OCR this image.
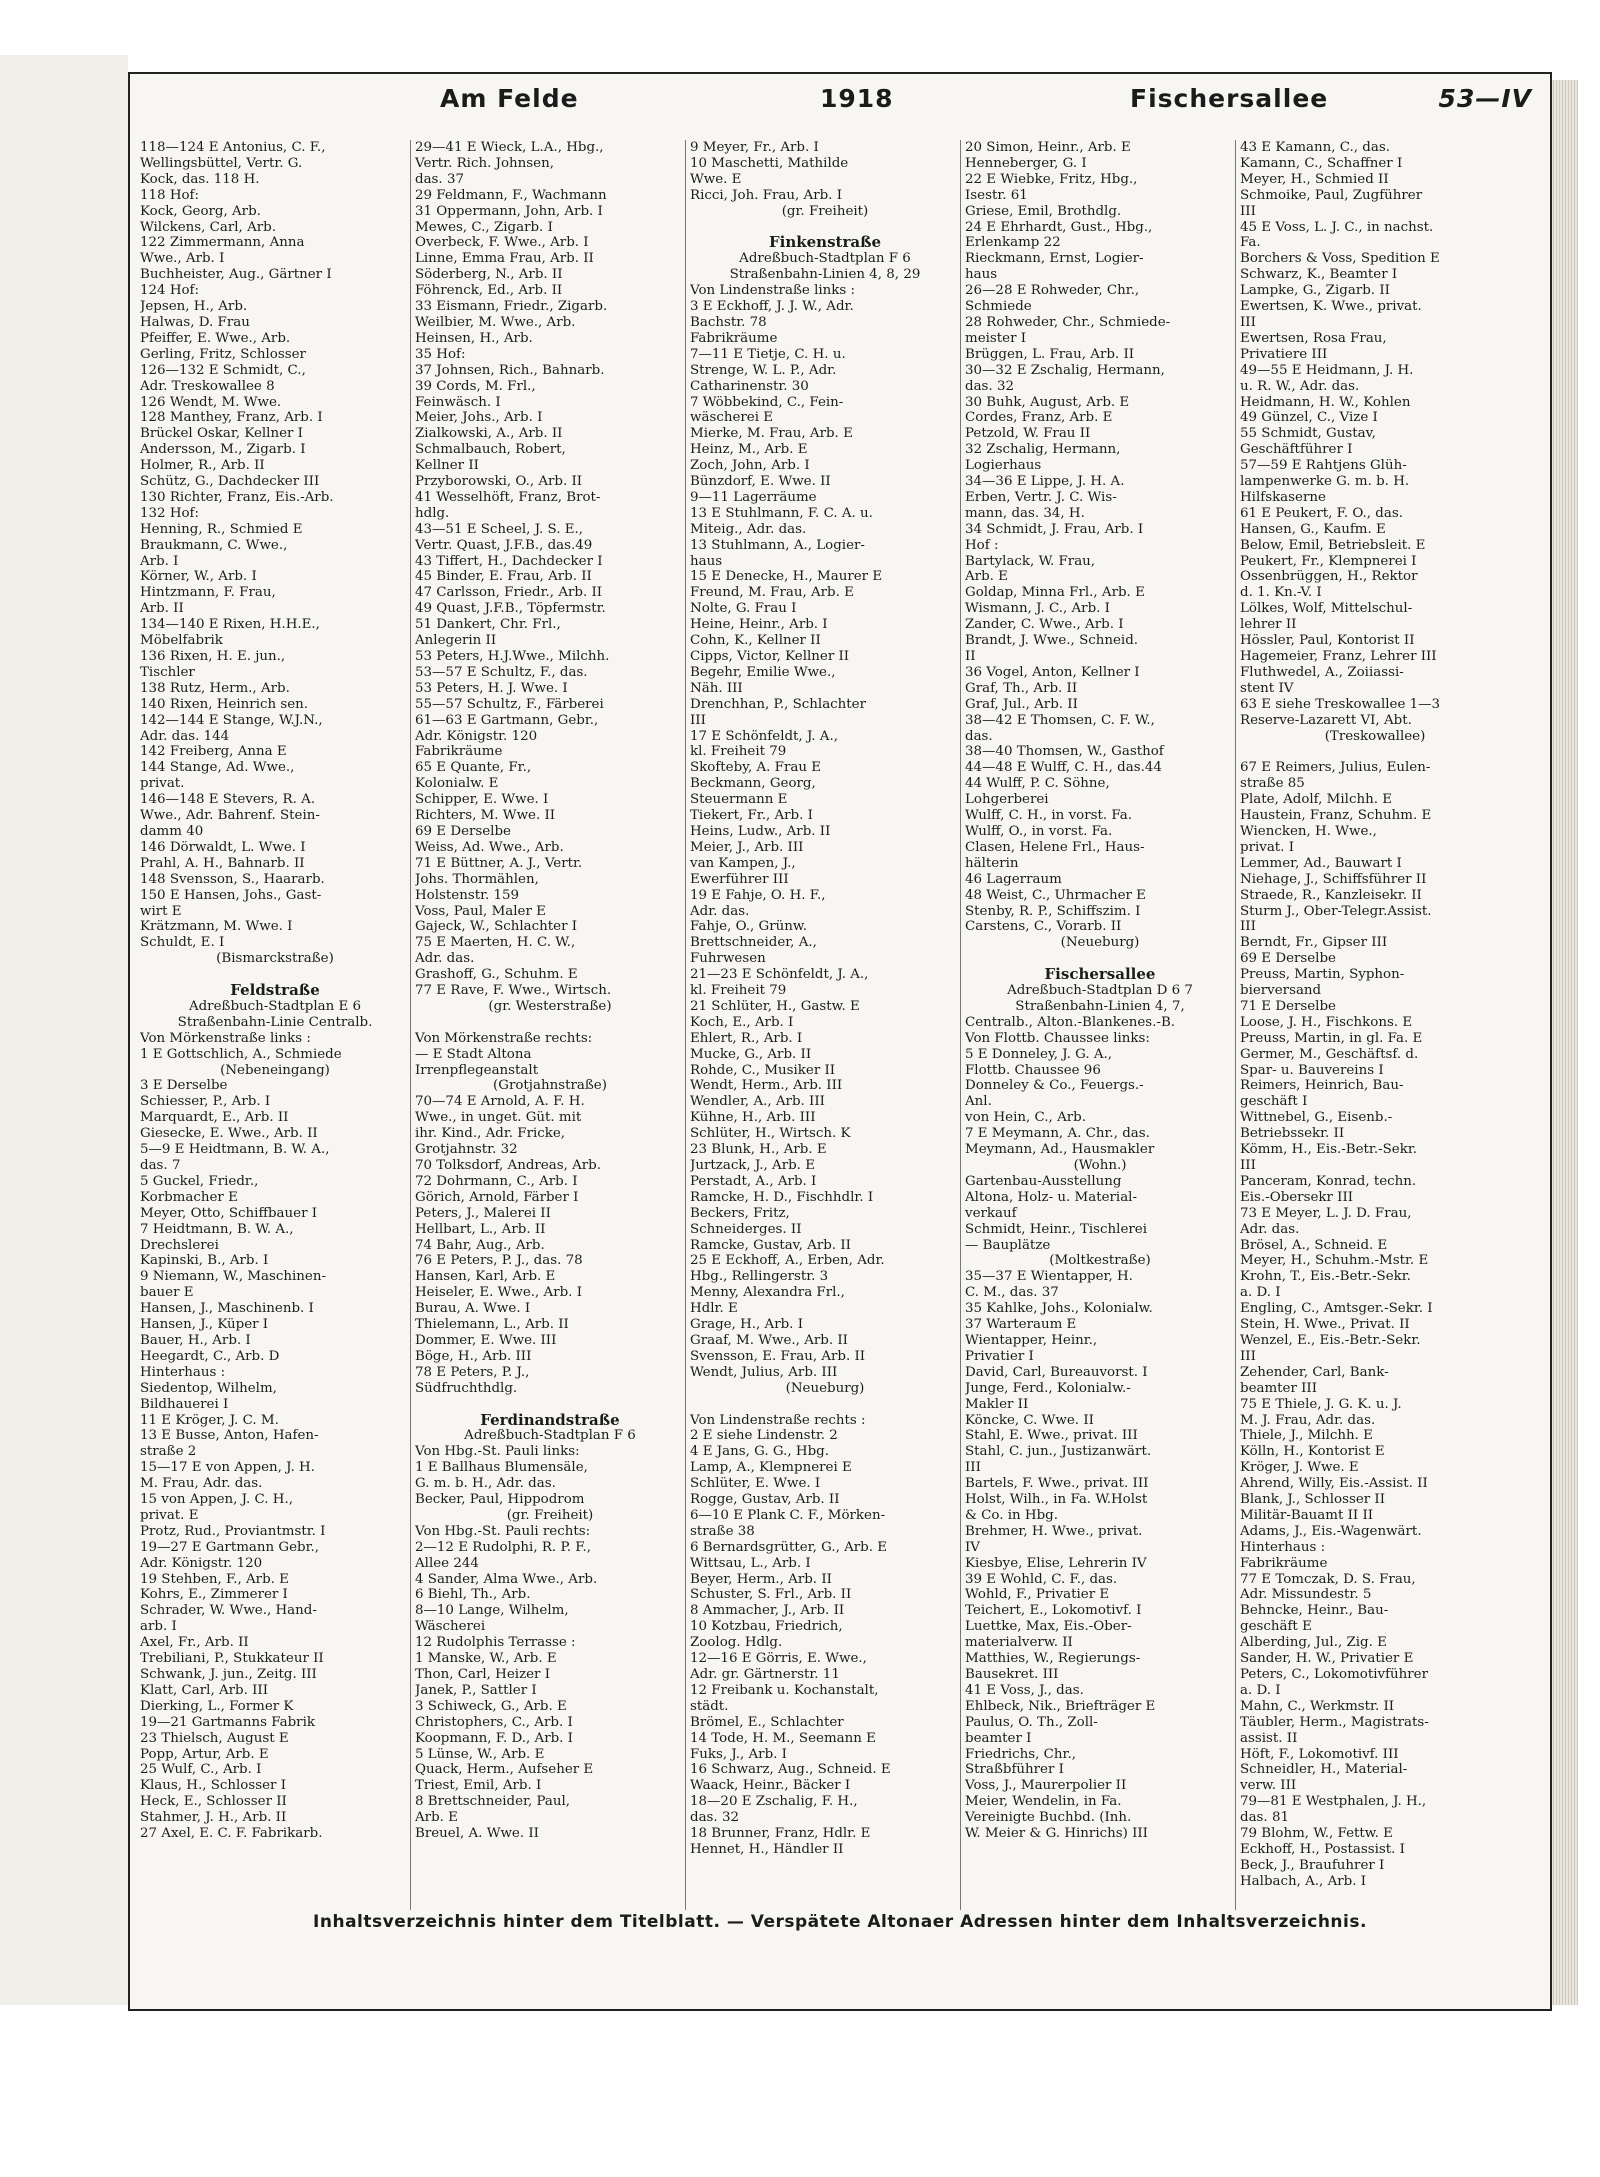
Am Felde	1918	Fischersallee	53—IV
118—124 E Antonius, C. F.,
Wellingsbüttel, Vertr. G.
Kock, das. 118 H.
118 Hof:
Kock, Georg, Arb.
Wilckens, Carl, Arb.
122 Zimmermann, Anna
Wwe., Arb. I
Buchheister, Aug., Gärtner I
124 Hof:
Jepsen, H., Arb.
Halwas, D. Frau
Pfeiffer, E. Wwe., Arb.
Gerling, Fritz, Schlosser
126—132 E Schmidt, C.,
Adr. Treskowallee 8
126 Wendt, M. Wwe.
128 Manthey, Franz, Arb. I
Brückel Oskar, Kellner I
Andersson, M., Zigarb. I
Holmer, R., Arb. II
Schütz, G., Dachdecker III
130 Richter, Franz, Eis.-Arb.
132 Hof:
Henning, R., Schmied E
Braukmann, C. Wwe.,
Arb. I
Körner, W., Arb. I
Hintzmann, F. Frau,
Arb. II
134—140 E Rixen, H.H.E.,
Möbelfabrik
136 Rixen, H. E. jun.,
Tischler
138 Rutz, Herm., Arb.
140 Rixen, Heinrich sen.
142—144 E Stange, W.J.N.,
Adr. das. 144
142 Freiberg, Anna E
144 Stange, Ad. Wwe.,
privat.
146—148 E Stevers, R. A.
Wwe., Adr. Bahrenf. Stein-
damm 40
146 Dörwaldt, L. Wwe. I
Prahl, A. H., Bahnarb. II
148 Svensson, S., Haararb.
150 E Hansen, Johs., Gast-
wirt E
Krätzmann, M. Wwe. I
Schuldt, E. I
(Bismarckstraße)

Feldstraße
Adreßbuch-Stadtplan E 6
Straßenbahn-Linie Centralb.
Von Mörkenstraße links :
1 E Gottschlich, A., Schmiede
(Nebeneingang)
3 E Derselbe
Schiesser, P., Arb. I
Marquardt, E., Arb. II
Giesecke, E. Wwe., Arb. II
5—9 E Heidtmann, B. W. A.,
das. 7
5 Guckel, Friedr.,
Korbmacher E
Meyer, Otto, Schiffbauer I
7 Heidtmann, B. W. A.,
Drechslerei
Kapinski, B., Arb. I
9 Niemann, W., Maschinen-
bauer E
Hansen, J., Maschinenb. I
Hansen, J., Küper I
Bauer, H., Arb. I
Heegardt, C., Arb. D
Hinterhaus :
Siedentop, Wilhelm,
Bildhauerei I
11 E Kröger, J. C. M.
13 E Busse, Anton, Hafen-
straße 2
15—17 E von Appen, J. H.
M. Frau, Adr. das.
15 von Appen, J. C. H.,
privat. E
Protz, Rud., Proviantmstr. I
19—27 E Gartmann Gebr.,
Adr. Königstr. 120
19 Stehben, F., Arb. E
Kohrs, E., Zimmerer I
Schrader, W. Wwe., Hand-
arb. I
Axel, Fr., Arb. II
Trebiliani, P., Stukkateur II
Schwank, J. jun., Zeitg. III
Klatt, Carl, Arb. III
Dierking, L., Former K
19—21 Gartmanns Fabrik
23 Thielsch, August E
Popp, Artur, Arb. E
25 Wulf, C., Arb. I
Klaus, H., Schlosser I
Heck, E., Schlosser II
Stahmer, J. H., Arb. II
27 Axel, E. C. F. Fabrikarb.
29—41 E Wieck, L.A., Hbg.,
Vertr. Rich. Johnsen,
das. 37
29 Feldmann, F., Wachmann
31 Oppermann, John, Arb. I
Mewes, C., Zigarb. I
Overbeck, F. Wwe., Arb. I
Linne, Emma Frau, Arb. II
Söderberg, N., Arb. II
Föhrenck, Ed., Arb. II
33 Eismann, Friedr., Zigarb.
Weilbier, M. Wwe., Arb.
Heinsen, H., Arb.
35 Hof:
37 Johnsen, Rich., Bahnarb.
39 Cords, M. Frl.,
Feinwäsch. I
Meier, Johs., Arb. I
Zialkowski, A., Arb. II
Schmalbauch, Robert,
Kellner II
Przyborowski, O., Arb. II
41 Wesselhöft, Franz, Brot-
hdlg.
43—51 E Scheel, J. S. E.,
Vertr. Quast, J.F.B., das.49
43 Tiffert, H., Dachdecker I
45 Binder, E. Frau, Arb. II
47 Carlsson, Friedr., Arb. II
49 Quast, J.F.B., Töpfermstr.
51 Dankert, Chr. Frl.,
Anlegerin II
53 Peters, H.J.Wwe., Milchh.
53—57 E Schultz, F., das.
53 Peters, H. J. Wwe. I
55—57 Schultz, F., Färberei
61—63 E Gartmann, Gebr.,
Adr. Königstr. 120
Fabrikräume
65 E Quante, Fr.,
Kolonialw. E
Schipper, E. Wwe. I
Richters, M. Wwe. II
69 E Derselbe
Weiss, Ad. Wwe., Arb.
71 E Büttner, A. J., Vertr.
Johs. Thormählen,
Holstenstr. 159
Voss, Paul, Maler E
Gajeck, W., Schlachter I
75 E Maerten, H. C. W.,
Adr. das.
Grashoff, G., Schuhm. E
77 E Rave, F. Wwe., Wirtsch.
(gr. Westerstraße)

Von Mörkenstraße rechts:
— E Stadt Altona
Irrenpflegeanstalt
(Grotjahnstraße)
70—74 E Arnold, A. F. H.
Wwe., in unget. Güt. mit
ihr. Kind., Adr. Fricke,
Grotjahnstr. 32
70 Tolksdorf, Andreas, Arb.
72 Dohrmann, C., Arb. I
Görich, Arnold, Färber I
Peters, J., Malerei II
Hellbart, L., Arb. II
74 Bahr, Aug., Arb.
76 E Peters, P. J., das. 78
Hansen, Karl, Arb. E
Heiseler, E. Wwe., Arb. I
Burau, A. Wwe. I
Thielemann, L., Arb. II
Dommer, E. Wwe. III
Böge, H., Arb. III
78 E Peters, P. J.,
Südfruchthdlg.

Ferdinandstraße
Adreßbuch-Stadtplan F 6
Von Hbg.-St. Pauli links:
1 E Ballhaus Blumensäle,
G. m. b. H., Adr. das.
Becker, Paul, Hippodrom
(gr. Freiheit)
Von Hbg.-St. Pauli rechts:
2—12 E Rudolphi, R. P. F.,
Allee 244
4 Sander, Alma Wwe., Arb.
6 Biehl, Th., Arb.
8—10 Lange, Wilhelm,
Wäscherei
12 Rudolphis Terrasse :
1 Manske, W., Arb. E
Thon, Carl, Heizer I
Janek, P., Sattler I
3 Schiweck, G., Arb. E
Christophers, C., Arb. I
Koopmann, F. D., Arb. I
5 Lünse, W., Arb. E
Quack, Herm., Aufseher E
Triest, Emil, Arb. I
8 Brettschneider, Paul,
Arb. E
Breuel, A. Wwe. II
9 Meyer, Fr., Arb. I
10 Maschetti, Mathilde
Wwe. E
Ricci, Joh. Frau, Arb. I
(gr. Freiheit)

Finkenstraße
Adreßbuch-Stadtplan F 6
Straßenbahn-Linien 4, 8, 29
Von Lindenstraße links :
3 E Eckhoff, J. J. W., Adr.
Bachstr. 78
Fabrikräume
7—11 E Tietje, C. H. u.
Strenge, W. L. P., Adr.
Catharinenstr. 30
7 Wöbbekind, C., Fein-
wäscherei E
Mierke, M. Frau, Arb. E
Heinz, M., Arb. E
Zoch, John, Arb. I
Bünzdorf, E. Wwe. II
9—11 Lagerräume
13 E Stuhlmann, F. C. A. u.
Miteig., Adr. das.
13 Stuhlmann, A., Logier-
haus
15 E Denecke, H., Maurer E
Freund, M. Frau, Arb. E
Nolte, G. Frau I
Heine, Heinr., Arb. I
Cohn, K., Kellner II
Cipps, Victor, Kellner II
Begehr, Emilie Wwe.,
Näh. III
Drenchhan, P., Schlachter
III
17 E Schönfeldt, J. A.,
kl. Freiheit 79
Skofteby, A. Frau E
Beckmann, Georg,
Steuermann E
Tiekert, Fr., Arb. I
Heins, Ludw., Arb. II
Meier, J., Arb. III
van Kampen, J.,
Ewerführer III
19 E Fahje, O. H. F.,
Adr. das.
Fahje, O., Grünw.
Brettschneider, A.,
Fuhrwesen
21—23 E Schönfeldt, J. A.,
kl. Freiheit 79
21 Schlüter, H., Gastw. E
Koch, E., Arb. I
Ehlert, R., Arb. I
Mucke, G., Arb. II
Rohde, C., Musiker II
Wendt, Herm., Arb. III
Wendler, A., Arb. III
Kühne, H., Arb. III
Schlüter, H., Wirtsch. K
23 Blunk, H., Arb. E
Jurtzack, J., Arb. E
Perstadt, A., Arb. I
Ramcke, H. D., Fischhdlr. I
Beckers, Fritz,
Schneiderges. II
Ramcke, Gustav, Arb. II
25 E Eckhoff, A., Erben, Adr.
Hbg., Rellingerstr. 3
Menny, Alexandra Frl.,
Hdlr. E
Grage, H., Arb. I
Graaf, M. Wwe., Arb. II
Svensson, E. Frau, Arb. II
Wendt, Julius, Arb. III
(Neueburg)

Von Lindenstraße rechts :
2 E siehe Lindenstr. 2
4 E Jans, G. G., Hbg.
Lamp, A., Klempnerei E
Schlüter, E. Wwe. I
Rogge, Gustav, Arb. II
6—10 E Plank C. F., Mörken-
straße 38
6 Bernardsgrütter, G., Arb. E
Wittsau, L., Arb. I
Beyer, Herm., Arb. II
Schuster, S. Frl., Arb. II
8 Ammacher, J., Arb. II
10 Kotzbau, Friedrich,
Zoolog. Hdlg.
12—16 E Görris, E. Wwe.,
Adr. gr. Gärtnerstr. 11
12 Freibank u. Kochanstalt,
städt.
Brömel, E., Schlachter
14 Tode, H. M., Seemann E
Fuks, J., Arb. I
16 Schwarz, Aug., Schneid. E
Waack, Heinr., Bäcker I
18—20 E Zschalig, F. H.,
das. 32
18 Brunner, Franz, Hdlr. E
Hennet, H., Händler II
20 Simon, Heinr., Arb. E
Henneberger, G. I
22 E Wiebke, Fritz, Hbg.,
Isestr. 61
Griese, Emil, Brothdlg.
24 E Ehrhardt, Gust., Hbg.,
Erlenkamp 22
Rieckmann, Ernst, Logier-
haus
26—28 E Rohweder, Chr.,
Schmiede
28 Rohweder, Chr., Schmiede-
meister I
Brüggen, L. Frau, Arb. II
30—32 E Zschalig, Hermann,
das. 32
30 Buhk, August, Arb. E
Cordes, Franz, Arb. E
Petzold, W. Frau II
32 Zschalig, Hermann,
Logierhaus
34—36 E Lippe, J. H. A.
Erben, Vertr. J. C. Wis-
mann, das. 34, H.
34 Schmidt, J. Frau, Arb. I
Hof :
Bartylack, W. Frau,
Arb. E
Goldap, Minna Frl., Arb. E
Wismann, J. C., Arb. I
Zander, C. Wwe., Arb. I
Brandt, J. Wwe., Schneid.
II
36 Vogel, Anton, Kellner I
Graf, Th., Arb. II
Graf, Jul., Arb. II
38—42 E Thomsen, C. F. W.,
das.
38—40 Thomsen, W., Gasthof
44—48 E Wulff, C. H., das.44
44 Wulff, P. C. Söhne,
Lohgerberei
Wulff, C. H., in vorst. Fa.
Wulff, O., in vorst. Fa.
Clasen, Helene Frl., Haus-
hälterin
46 Lagerraum
48 Weist, C., Uhrmacher E
Stenby, R. P., Schiffszim. I
Carstens, C., Vorarb. II
(Neueburg)

Fischersallee
Adreßbuch-Stadtplan D 6 7
Straßenbahn-Linien 4, 7,
Centralb., Alton.-Blankenes.-B.
Von Flottb. Chaussee links:
5 E Donneley, J. G. A.,
Flottb. Chaussee 96
Donneley & Co., Feuergs.-
Anl.
von Hein, C., Arb.
7 E Meymann, A. Chr., das.
Meymann, Ad., Hausmakler
(Wohn.)
Gartenbau-Ausstellung
Altona, Holz- u. Material-
verkauf
Schmidt, Heinr., Tischlerei
— Bauplätze
(Moltkestraße)
35—37 E Wientapper, H.
C. M., das. 37
35 Kahlke, Johs., Kolonialw.
37 Warteraum E
Wientapper, Heinr.,
Privatier I
David, Carl, Bureauvorst. I
Junge, Ferd., Kolonialw.-
Makler II
Köncke, C. Wwe. II
Stahl, E. Wwe., privat. III
Stahl, C. jun., Justizanwärt.
III
Bartels, F. Wwe., privat. III
Holst, Wilh., in Fa. W.Holst
& Co. in Hbg.
Brehmer, H. Wwe., privat.
IV
Kiesbye, Elise, Lehrerin IV
39 E Wohld, C. F., das.
Wohld, F., Privatier E
Teichert, E., Lokomotivf. I
Luettke, Max, Eis.-Ober-
materialverw. II
Matthies, W., Regierungs-
Bausekret. III
41 E Voss, J., das.
Ehlbeck, Nik., Briefträger E
Paulus, O. Th., Zoll-
beamter I
Friedrichs, Chr.,
Straßbführer I
Voss, J., Maurerpolier II
Meier, Wendelin, in Fa.
Vereinigte Buchbd. (Inh.
W. Meier & G. Hinrichs) III
43 E Kamann, C., das.
Kamann, C., Schaffner I
Meyer, H., Schmied II
Schmoike, Paul, Zugführer
III
45 E Voss, L. J. C., in nachst.
Fa.
Borchers & Voss, Spedition E
Schwarz, K., Beamter I
Lampke, G., Zigarb. II
Ewertsen, K. Wwe., privat.
III
Ewertsen, Rosa Frau,
Privatiere III
49—55 E Heidmann, J. H.
u. R. W., Adr. das.
Heidmann, H. W., Kohlen
49 Günzel, C., Vize I
55 Schmidt, Gustav,
Geschäftführer I
57—59 E Rahtjens Glüh-
lampenwerke G. m. b. H.
Hilfskaserne
61 E Peukert, F. O., das.
Hansen, G., Kaufm. E
Below, Emil, Betriebsleit. E
Peukert, Fr., Klempnerei I
Ossenbrüggen, H., Rektor
d. 1. Kn.-V. I
Lölkes, Wolf, Mittelschul-
lehrer II
Hössler, Paul, Kontorist II
Hagemeier, Franz, Lehrer III
Fluthwedel, A., Zoiiassi-
stent IV
63 E siehe Treskowallee 1—3
Reserve-Lazarett VI, Abt.
(Treskowallee)

67 E Reimers, Julius, Eulen-
straße 85
Plate, Adolf, Milchh. E
Haustein, Franz, Schuhm. E
Wiencken, H. Wwe.,
privat. I
Lemmer, Ad., Bauwart I
Niehage, J., Schiffsführer II
Straede, R., Kanzleisekr. II
Sturm J., Ober-Telegr.Assist.
III
Berndt, Fr., Gipser III
69 E Derselbe
Preuss, Martin, Syphon-
bierversand
71 E Derselbe
Loose, J. H., Fischkons. E
Preuss, Martin, in gl. Fa. E
Germer, M., Geschäftsf. d.
Spar- u. Bauvereins I
Reimers, Heinrich, Bau-
geschäft I
Wittnebel, G., Eisenb.-
Betriebssekr. II
Kömm, H., Eis.-Betr.-Sekr.
III
Panceram, Konrad, techn.
Eis.-Obersekr III
73 E Meyer, L. J. D. Frau,
Adr. das.
Brösel, A., Schneid. E
Meyer, H., Schuhm.-Mstr. E
Krohn, T., Eis.-Betr.-Sekr.
a. D. I
Engling, C., Amtsger.-Sekr. I
Stein, H. Wwe., Privat. II
Wenzel, E., Eis.-Betr.-Sekr.
III
Zehender, Carl, Bank-
beamter III
75 E Thiele, J. G. K. u. J.
M. J. Frau, Adr. das.
Thiele, J., Milchh. E
Kölln, H., Kontorist E
Kröger, J. Wwe. E
Ahrend, Willy, Eis.-Assist. II
Blank, J., Schlosser II
Militär-Bauamt II II
Adams, J., Eis.-Wagenwärt.
Hinterhaus :
Fabrikräume
77 E Tomczak, D. S. Frau,
Adr. Missundestr. 5
Behncke, Heinr., Bau-
geschäft E
Alberding, Jul., Zig. E
Sander, H. W., Privatier E
Peters, C., Lokomotivführer
a. D. I
Mahn, C., Werkmstr. II
Täubler, Herm., Magistrats-
assist. II
Höft, F., Lokomotivf. III
Schneidler, H., Material-
verw. III
79—81 E Westphalen, J. H.,
das. 81
79 Blohm, W., Fettw. E
Eckhoff, H., Postassist. I
Beck, J., Braufuhrer I
Halbach, A., Arb. I
Inhaltsverzeichnis hinter dem Titelblatt. — Verspätete Altonaer Adressen hinter dem Inhaltsverzeichnis.
